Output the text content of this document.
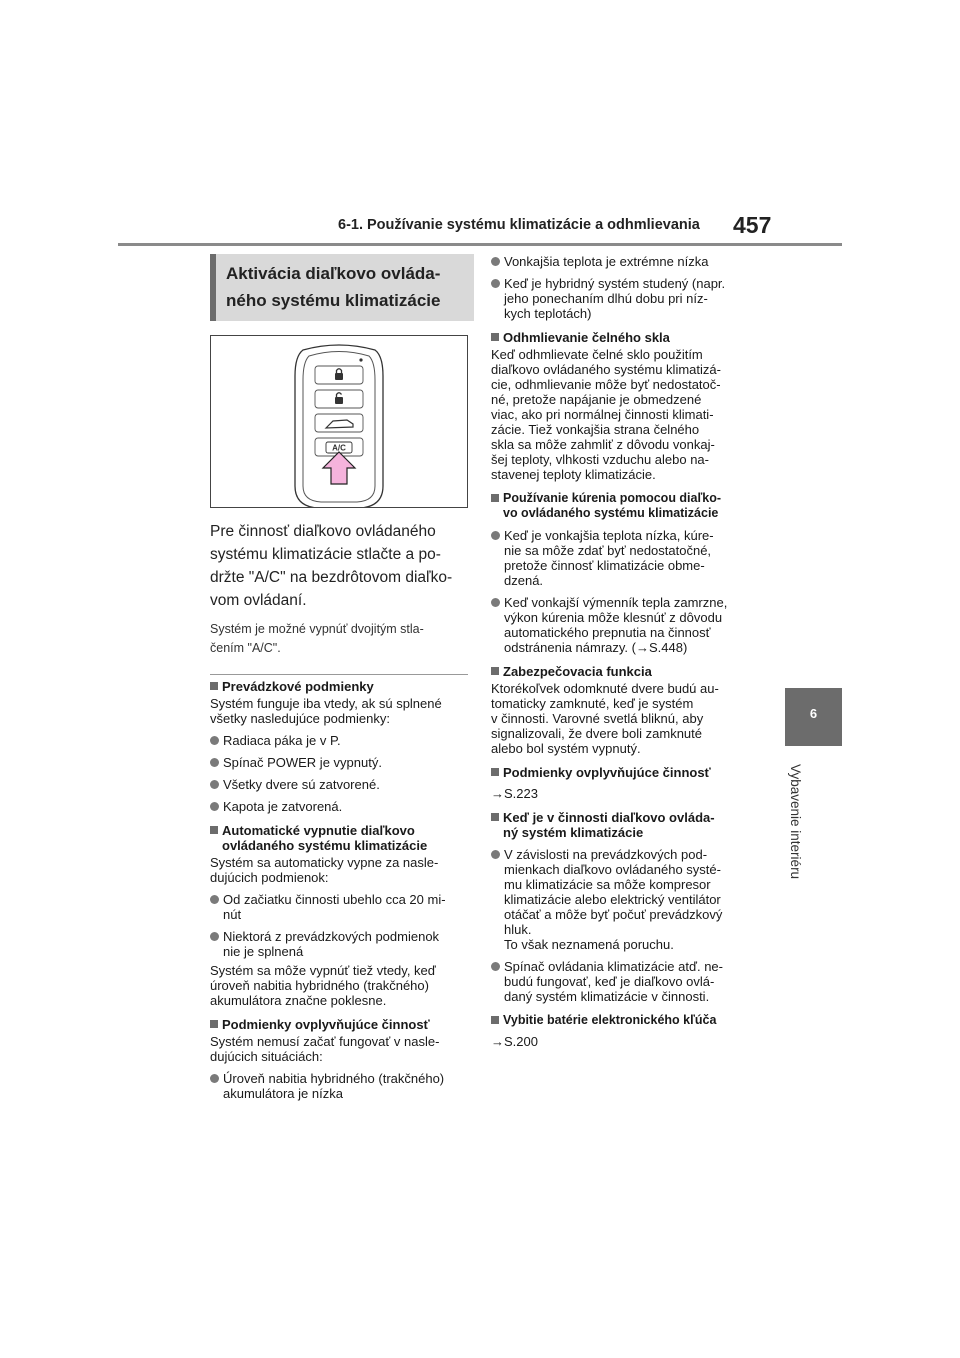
6-1. Používanie systému klimatizácie a odhmlievania 457
6
Vybavenie interiéru
Aktivácia diaľkovo ovláda-
ného systému klimatizácie
A/C
Pre činnosť diaľkovo ovládaného
systému klimatizácie stlačte a po-
držte "A/C" na bezdrôtovom diaľko-
vom ovládaní.
Systém je možné vypnúť dvojitým stla-
čením "A/C".
Prevádzkové podmienky
Systém funguje iba vtedy, ak sú splnené
všetky nasledujúce podmienky:
Radiaca páka je v P.
Spínač POWER je vypnutý.
Všetky dvere sú zatvorené.
Kapota je zatvorená.
Automatické vypnutie diaľkovo
ovládaného systému klimatizácie
Systém sa automaticky vypne za nasle-
dujúcich podmienok:
Od začiatku činnosti ubehlo cca 20 mi-
nút
Niektorá z prevádzkových podmienok
nie je splnená
Systém sa môže vypnúť tiež vtedy, keď
úroveň nabitia hybridného (trakčného)
akumulátora značne poklesne.
Podmienky ovplyvňujúce činnosť
Systém nemusí začať fungovať v nasle-
dujúcich situáciách:
Úroveň nabitia hybridného (trakčného)
akumulátora je nízka
Vonkajšia teplota je extrémne nízka
Keď je hybridný systém studený (napr.
jeho ponechaním dlhú dobu pri níz-
kych teplotách)
Odhmlievanie čelného skla
Keď odhmlievate čelné sklo použitím
diaľkovo ovládaného systému klimatizá-
cie, odhmlievanie môže byť nedostatoč-
né, pretože napájanie je obmedzené
viac, ako pri normálnej činnosti klimati-
zácie. Tiež vonkajšia strana čelného
skla sa môže zahmliť z dôvodu vonkaj-
šej teploty, vlhkosti vzduchu alebo na-
stavenej teploty klimatizácie.
Používanie kúrenia pomocou diaľko-
vo ovládaného systému klimatizácie
Keď je vonkajšia teplota nízka, kúre-
nie sa môže zdať byť nedostatočné,
pretože činnosť klimatizácie obme-
dzená.
Keď vonkajší výmenník tepla zamrzne,
výkon kúrenia môže klesnúť z dôvodu
automatického prepnutia na činnosť
odstránenia námrazy. (→S.448)
Zabezpečovacia funkcia
Ktorékoľvek odomknuté dvere budú au-
tomaticky zamknuté, keď je systém
v činnosti. Varovné svetlá bliknú, aby
signalizovali, že dvere boli zamknuté
alebo bol systém vypnutý.
Podmienky ovplyvňujúce činnosť
→S.223
Keď je v činnosti diaľkovo ovláda-
ný systém klimatizácie
V závislosti na prevádzkových pod-
mienkach diaľkovo ovládaného systé-
mu klimatizácie sa môže kompresor
klimatizácie alebo elektrický ventilátor
otáčať a môže byť počuť prevádzkový
hluk.
To však neznamená poruchu.
Spínač ovládania klimatizácie atď. ne-
budú fungovať, keď je diaľkovo ovlá-
daný systém klimatizácie v činnosti.
Vybitie batérie elektronického kľúča
→S.200
